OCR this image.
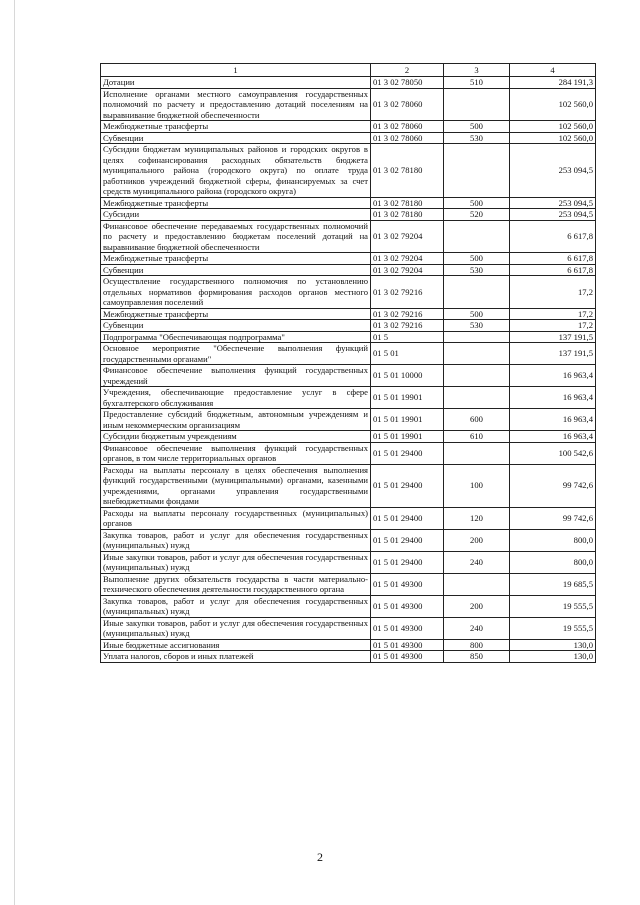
1	2	3	4
Дотации	01 3 02 78050	510	284 191,3
Исполнение органами местного самоуправления государственных полномочий по расчету и предоставлению дотаций поселениям на выравнивание бюджетной обеспеченности	01 3 02 78060		102 560,0
Межбюджетные трансферты	01 3 02 78060	500	102 560,0
Субвенции	01 3 02 78060	530	102 560,0
Субсидии бюджетам муниципальных районов и городских округов в целях софинансирования расходных обязательств бюджета муниципального района (городского округа) по оплате труда работников учреждений бюджетной сферы, финансируемых за счет средств муниципального района (городского округа)	01 3 02 78180		253 094,5
Межбюджетные трансферты	01 3 02 78180	500	253 094,5
Субсидии	01 3 02 78180	520	253 094,5
Финансовое обеспечение передаваемых государственных полномочий по расчету и предоставлению бюджетам поселений дотаций на выравнивание бюджетной обеспеченности	01 3 02 79204		6 617,8
Межбюджетные трансферты	01 3 02 79204	500	6 617,8
Субвенции	01 3 02 79204	530	6 617,8
Осуществление государственного полномочия по установлению отдельных нормативов формирования расходов органов местного самоуправления поселений	01 3 02 79216		17,2
Межбюджетные трансферты	01 3 02 79216	500	17,2
Субвенции	01 3 02 79216	530	17,2
Подпрограмма "Обеспечивающая подпрограмма"	01 5		137 191,5
Основное мероприятие "Обеспечение выполнения функций государственными органами"	01 5 01		137 191,5
Финансовое обеспечение выполнения функций государственных учреждений	01 5 01 10000		16 963,4
Учреждения, обеспечивающие предоставление услуг в сфере бухгалтерского обслуживания	01 5 01 19901		16 963,4
Предоставление субсидий бюджетным, автономным учреждениям и иным некоммерческим организациям	01 5 01 19901	600	16 963,4
Субсидии бюджетным учреждениям	01 5 01 19901	610	16 963,4
Финансовое обеспечение выполнения функций государственных органов, в том числе территориальных органов	01 5 01 29400		100 542,6
Расходы на выплаты персоналу в целях обеспечения выполнения функций государственными (муниципальными) органами, казенными учреждениями, органами управления государственными внебюджетными фондами	01 5 01 29400	100	99 742,6
Расходы на выплаты персоналу государственных (муниципальных) органов	01 5 01 29400	120	99 742,6
Закупка товаров, работ и услуг для обеспечения государственных (муниципальных) нужд	01 5 01 29400	200	800,0
Иные закупки товаров, работ и услуг для обеспечения государственных (муниципальных) нужд	01 5 01 29400	240	800,0
Выполнение других обязательств государства в части материально-технического обеспечения деятельности государственного органа	01 5 01 49300		19 685,5
Закупка товаров, работ и услуг для обеспечения государственных (муниципальных) нужд	01 5 01 49300	200	19 555,5
Иные закупки товаров, работ и услуг для обеспечения государственных (муниципальных) нужд	01 5 01 49300	240	19 555,5
Иные бюджетные ассигнования	01 5 01 49300	800	130,0
Уплата налогов, сборов и иных платежей	01 5 01 49300	850	130,0
2
